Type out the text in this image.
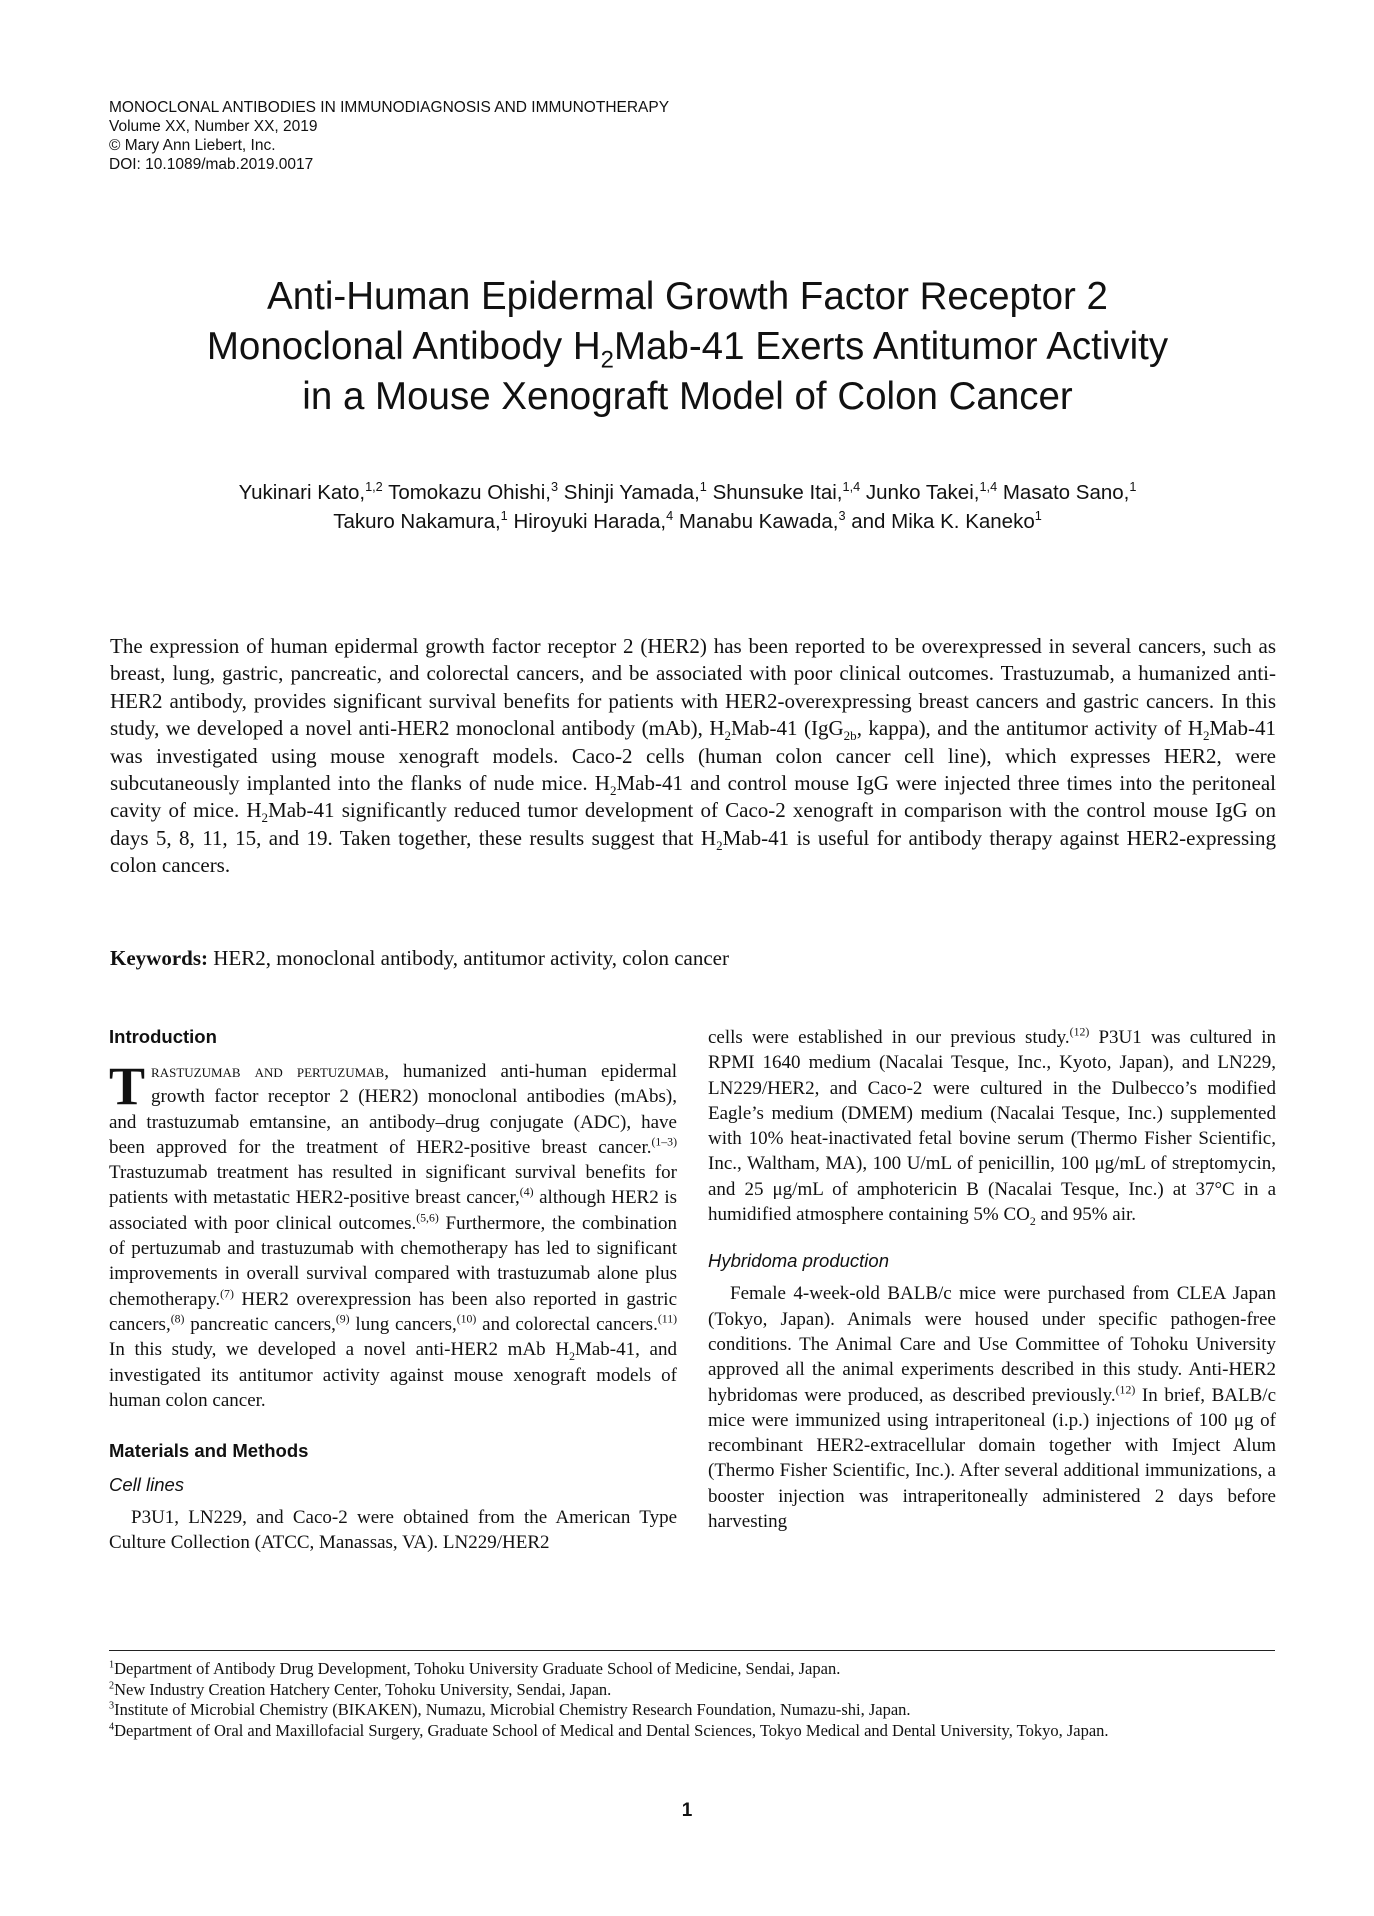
MONOCLONAL ANTIBODIES IN IMMUNODIAGNOSIS AND IMMUNOTHERAPY
Volume XX, Number XX, 2019
© Mary Ann Liebert, Inc.
DOI: 10.1089/mab.2019.0017
Anti-Human Epidermal Growth Factor Receptor 2
Monoclonal Antibody $H_2Mab-41$ Exerts Antitumor Activity
in a Mouse Xenograft Model of Colon Cancer
Yukinari Kato,$^{1,2}$ Tomokazu Ohishi,$^3$ Shinji Yamada,$^1$ Shunsuke Itai,$^{1,4}$ Junko Takei,$^{1,4}$ Masato Sano,$^1$
Takuro Nakamura,$^1$ Hiroyuki Harada,$^4$ Manabu Kawada,$^3$ and Mika K. Kaneko$^1$
The expression of human epidermal growth factor receptor 2 (HER2) has been reported to be overexpressed in several cancers, such as breast, lung, gastric, pancreatic, and colorectal cancers, and be associated with poor clinical outcomes. Trastuzumab, a humanized anti-HER2 antibody, provides significant survival benefits for patients with HER2-overexpressing breast cancers and gastric cancers. In this study, we developed a novel anti-HER2 monoclonal antibody (mAb), $H_2Mab-41$ (IgG$_{2b}$, kappa), and the antitumor activity of $H_2Mab-41$ was investigated using mouse xenograft models. Caco-2 cells (human colon cancer cell line), which expresses HER2, were subcutaneously implanted into the flanks of nude mice. $H_2Mab-41$ and control mouse IgG were injected three times into the peritoneal cavity of mice. $H_2Mab-41$ significantly reduced tumor development of Caco-2 xenograft in comparison with the control mouse IgG on days 5, 8, 11, 15, and 19. Taken together, these results suggest that $H_2Mab-41$ is useful for antibody therapy against HER2-expressing colon cancers.
Keywords: HER2, monoclonal antibody, antitumor activity, colon cancer
Introduction

Trastuzumab and pertuzumab, humanized anti-human epidermal growth factor receptor 2 (HER2) monoclonal antibodies (mAbs), and trastuzumab emtansine, an antibody–drug conjugate (ADC), have been approved for the treatment of HER2-positive breast cancer.$^{(1-3)}$ Trastuzumab treatment has resulted in significant survival benefits for patients with metastatic HER2-positive breast cancer,$^{(4)}$ although HER2 is associated with poor clinical outcomes.$^{(5,6)}$ Furthermore, the combination of pertuzumab and trastuzumab with chemotherapy has led to significant improvements in overall survival compared with trastuzumab alone plus chemotherapy.$^{(7)}$ HER2 overexpression has been also reported in gastric cancers,$^{(8)}$ pancreatic cancers,$^{(9)}$ lung cancers,$^{(10)}$ and colorectal cancers.$^{(11)}$ In this study, we developed a novel anti-HER2 mAb $H_2Mab-41$, and investigated its antitumor activity against mouse xenograft models of human colon cancer.

Materials and Methods
Cell lines

P3U1, LN229, and Caco-2 were obtained from the American Type Culture Collection (ATCC, Manassas, VA). LN229/HER2

cells were established in our previous study.$^{(12)}$ P3U1 was cultured in RPMI 1640 medium (Nacalai Tesque, Inc., Kyoto, Japan), and LN229, LN229/HER2, and Caco-2 were cultured in the Dulbecco’s modified Eagle’s medium (DMEM) medium (Nacalai Tesque, Inc.) supplemented with 10% heat-inactivated fetal bovine serum (Thermo Fisher Scientific, Inc., Waltham, MA), 100 U/mL of penicillin, 100 μg/mL of streptomycin, and 25 μg/mL of amphotericin B (Nacalai Tesque, Inc.) at 37°C in a humidified atmosphere containing 5% $CO_2$ and 95% air.

Hybridoma production

Female 4-week-old BALB/c mice were purchased from CLEA Japan (Tokyo, Japan). Animals were housed under specific pathogen-free conditions. The Animal Care and Use Committee of Tohoku University approved all the animal experiments described in this study. Anti-HER2 hybridomas were produced, as described previously.$^{(12)}$ In brief, BALB/c mice were immunized using intraperitoneal (i.p.) injections of 100 μg of recombinant HER2-extracellular domain together with Imject Alum (Thermo Fisher Scientific, Inc.). After several additional immunizations, a booster injection was intraperitoneally administered 2 days before harvesting

$^1$Department of Antibody Drug Development, Tohoku University Graduate School of Medicine, Sendai, Japan.
$^2$New Industry Creation Hatchery Center, Tohoku University, Sendai, Japan.
$^3$Institute of Microbial Chemistry (BIKAKEN), Numazu, Microbial Chemistry Research Foundation, Numazu-shi, Japan.
$^4$Department of Oral and Maxillofacial Surgery, Graduate School of Medical and Dental Sciences, Tokyo Medical and Dental University, Tokyo, Japan.
1
